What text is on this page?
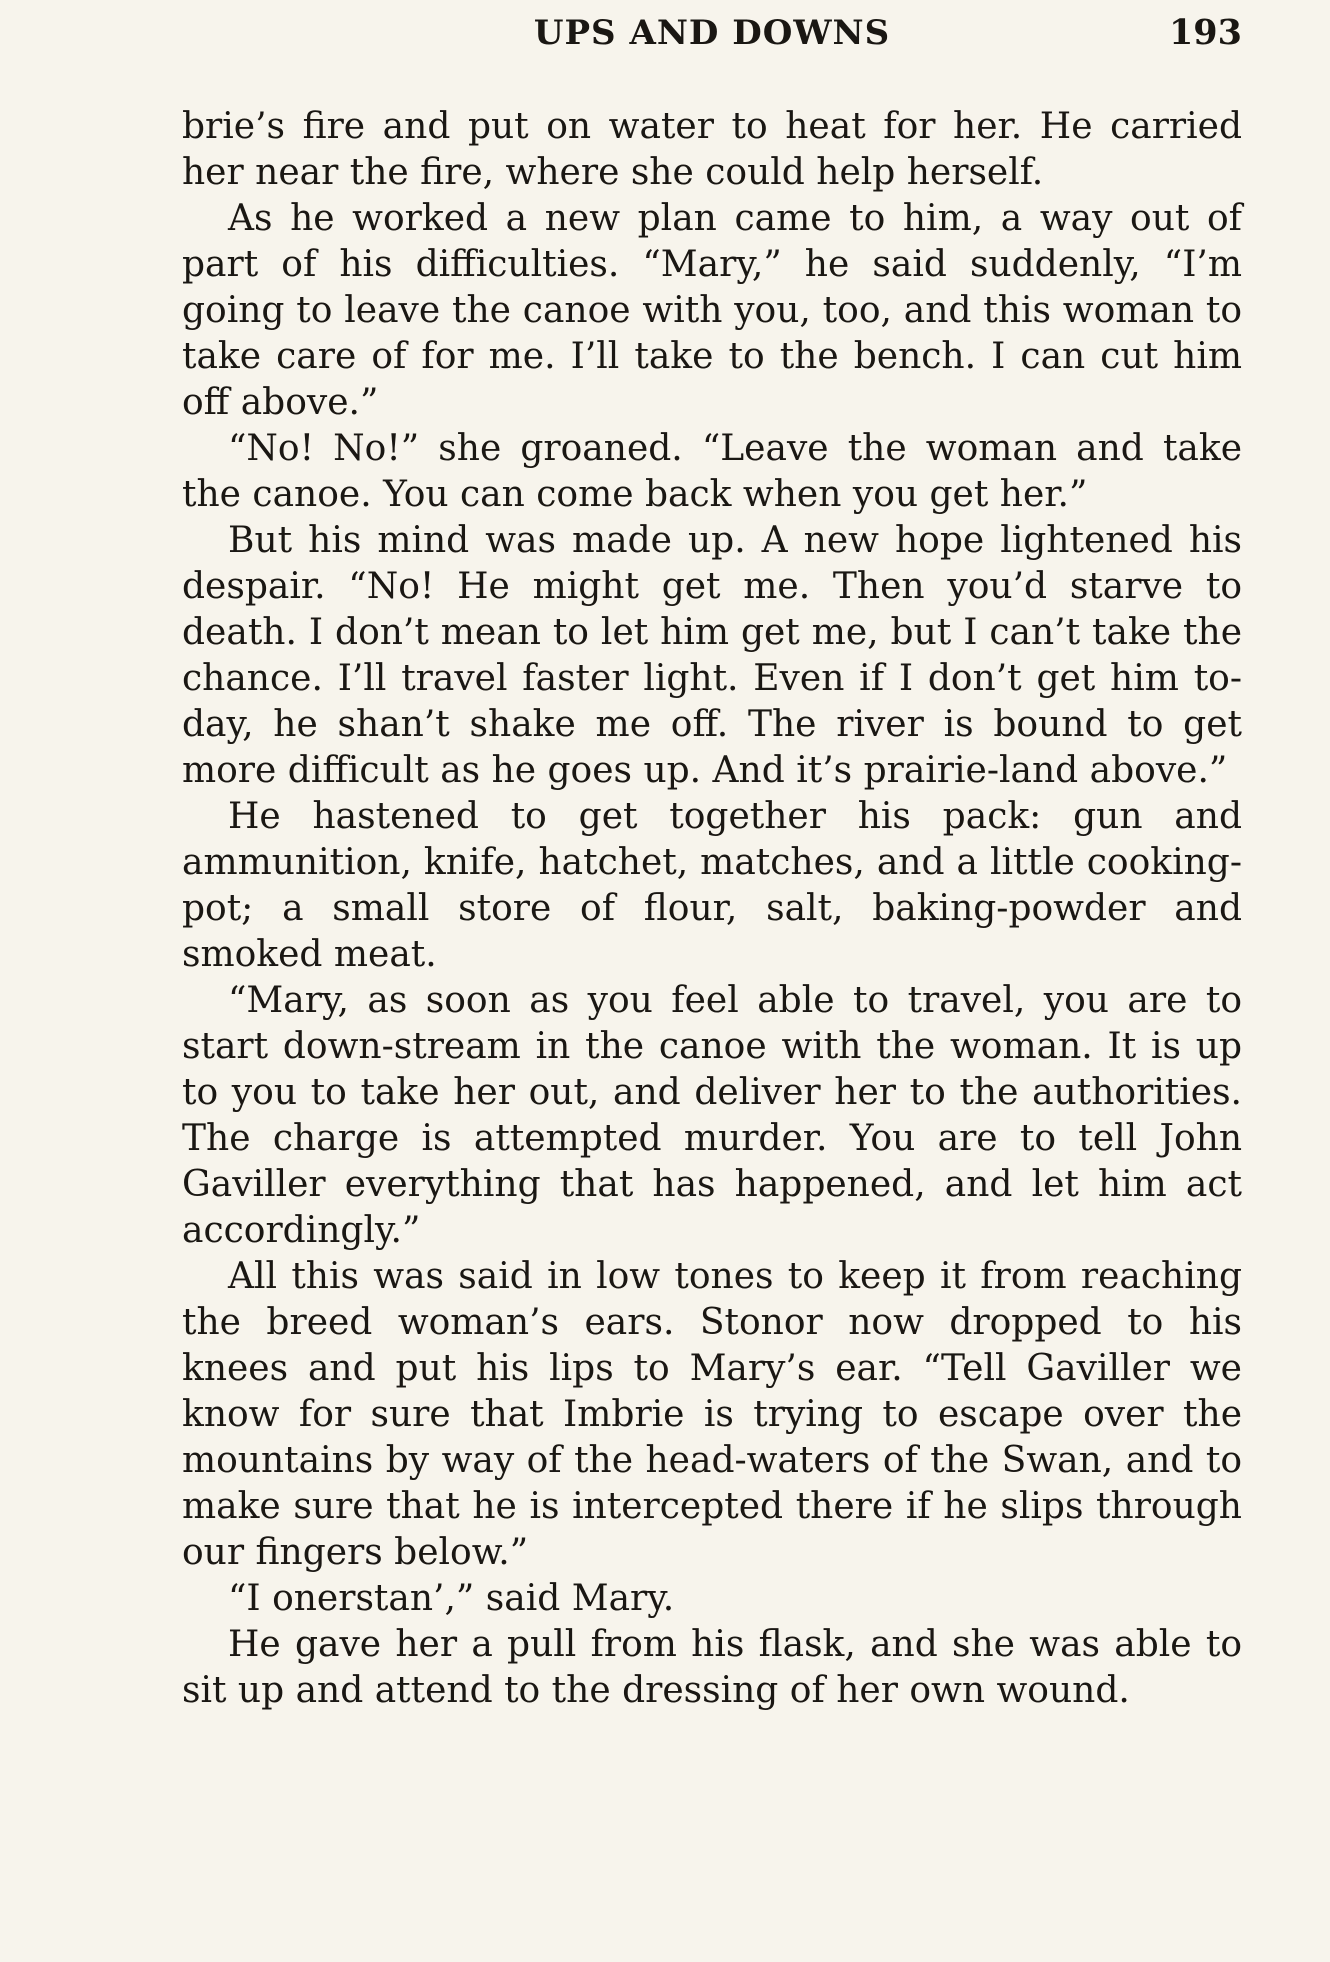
UPS AND DOWNS	193

brie’s fire and put on water to heat for her. He carried her near the fire, where she could help herself.

As he worked a new plan came to him, a way out of part of his difficulties. “Mary,” he said suddenly, “I’m going to leave the canoe with you, too, and this woman to take care of for me. I’ll take to the bench. I can cut him off above.”

“No! No!” she groaned. “Leave the woman and take the canoe. You can come back when you get her.”

But his mind was made up. A new hope lightened his despair. “No! He might get me. Then you’d starve to death. I don’t mean to let him get me, but I can’t take the chance. I’ll travel faster light. Even if I don’t get him to-day, he shan’t shake me off. The river is bound to get more difficult as he goes up. And it’s prairie-land above.”

He hastened to get together his pack: gun and ammunition, knife, hatchet, matches, and a little cooking-pot; a small store of flour, salt, baking-powder and smoked meat.

“Mary, as soon as you feel able to travel, you are to start down-stream in the canoe with the woman. It is up to you to take her out, and deliver her to the authorities. The charge is attempted murder. You are to tell John Gaviller everything that has happened, and let him act accordingly.”

All this was said in low tones to keep it from reaching the breed woman’s ears. Stonor now dropped to his knees and put his lips to Mary’s ear. “Tell Gaviller we know for sure that Imbrie is trying to escape over the mountains by way of the head-waters of the Swan, and to make sure that he is intercepted there if he slips through our fingers below.”

“I onerstan’,” said Mary.

He gave her a pull from his flask, and she was able to sit up and attend to the dressing of her own wound.
